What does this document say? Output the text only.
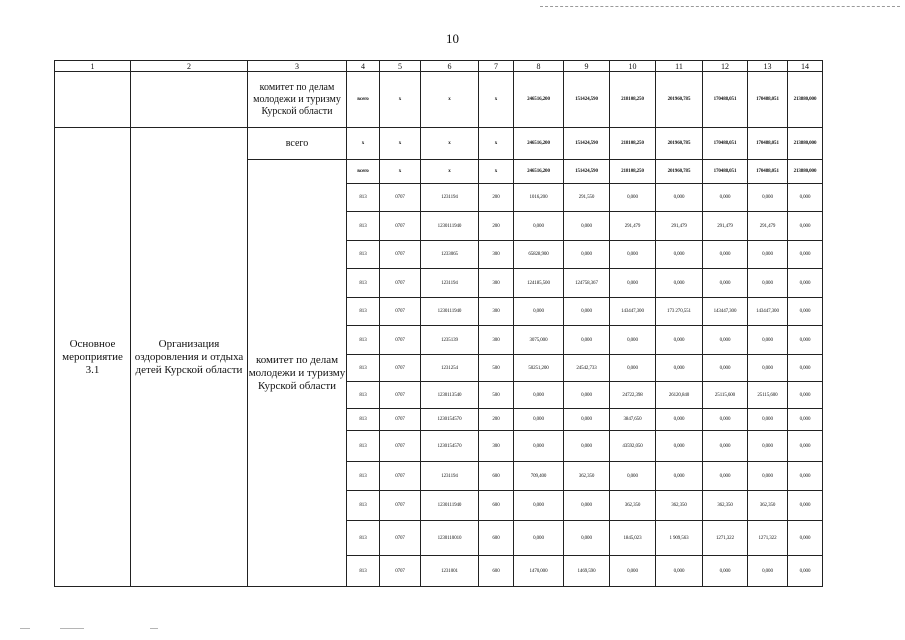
10
1	2	3	4	5	6	7	8	9	10	11	12	13	14
		комитет по делам молодежи и туризму Курской области	всего	x	x	x	246516,200	151424,590	218108,250	201960,785	170488,051	170488,051	213880,000
Основное мероприятие 3.1	Организация оздоровления и отдыха детей Курской области	всего	x	x	x	x	246516,200	151424,590	218108,250	201960,785	170488,051	170488,051	213880,000
		комитет по делам молодежи и туризму Курской области	всего	x	x	x	246516,200	151424,590	218108,250	201960,785	170488,051	170488,051	213880,000
			813	0707	1231194	200	1016,200	291,550	0,000	0,000	0,000	0,000	0,000
			813	0707	1230111940	200	0,000	0,000	291,479	291,479	291,479	291,479	0,000
			813	0707	1233065	300	65828,900	0,000	0,000	0,000	0,000	0,000	0,000
			813	0707	1231194	300	124185,500	124758,367	0,000	0,000	0,000	0,000	0,000
			813	0707	1230111940	300	0,000	0,000	143447,300	173 270,551	143447,300	143447,300	0,000
			813	0707	1235139	300	3075,000	0,000	0,000	0,000	0,000	0,000	0,000
			813	0707	1231254	500	50251,200	24542,733	0,000	0,000	0,000	0,000	0,000
			813	0707	1230113540	500	0,000	0,000	24722,398	26120,840	25115,600	25115,600	0,000
			813	0707	1230154570	200	0,000	0,000	3847,650	0,000	0,000	0,000	0,000
			813	0707	1230154570	300	0,000	0,000	43592,050	0,000	0,000	0,000	0,000
			813	0707	1231194	600	709,400	362,350	0,000	0,000	0,000	0,000	0,000
			813	0707	1230111940	600	0,000	0,000	362,350	362,350	362,350	362,350	0,000
			813	0707	1230110010	600	0,000	0,000	1845,023	1 909,563	1271,322	1271,322	0,000
			813	0707	1231001	600	1470,000	1469,590	0,000	0,000	0,000	0,000	0,000
